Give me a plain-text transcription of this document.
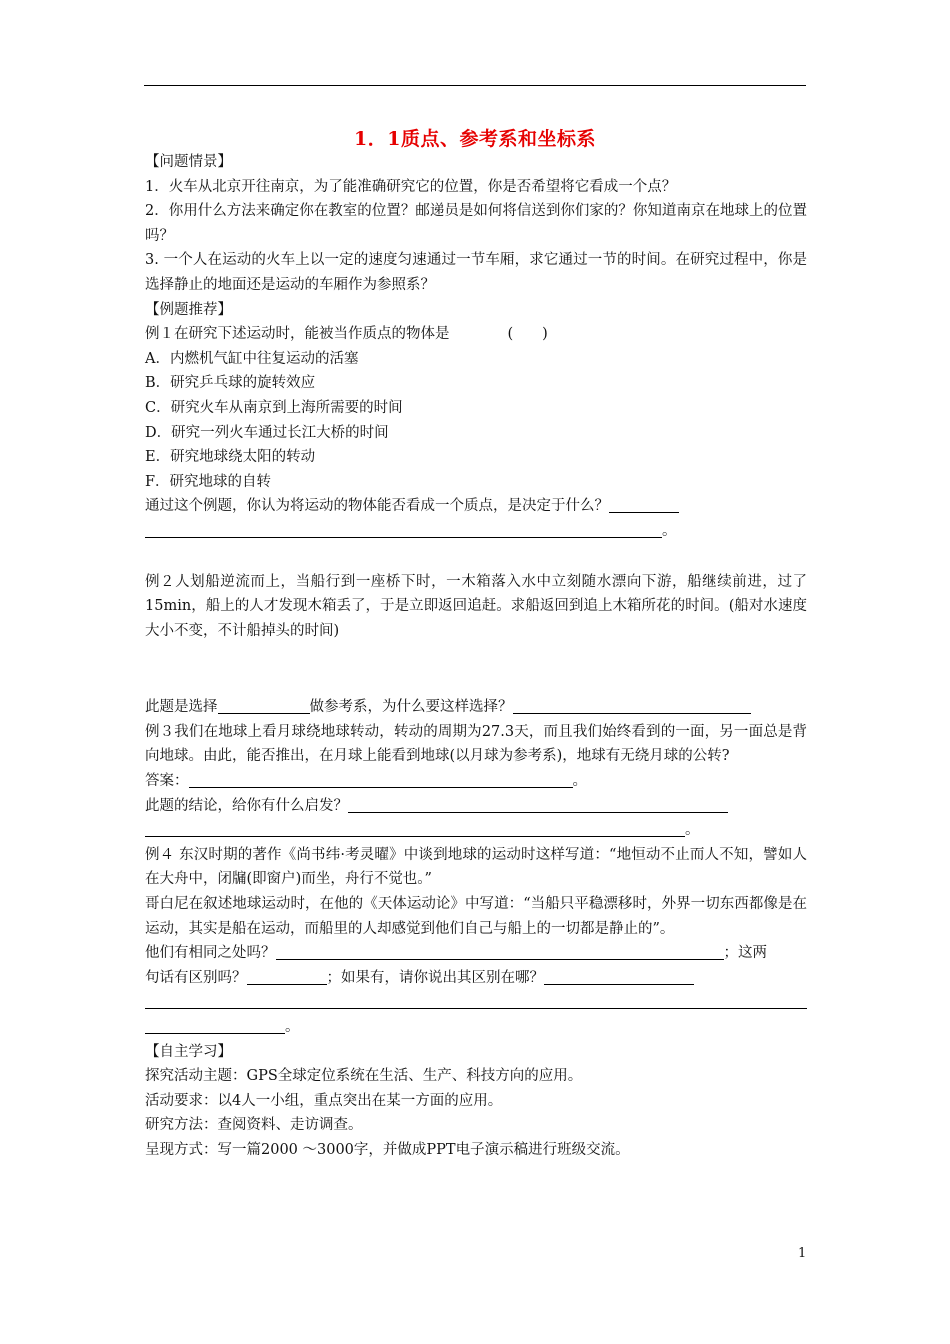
1．1质点、参考系和坐标系

【问题情景】

1．火车从北京开往南京，为了能准确研究它的位置，你是否希望将它看成一个点？

2．你用什么方法来确定你在教室的位置？邮递员是如何将信送到你们家的？你知道南京在地球上的位置吗？

3. 一个人在运动的火车上以一定的速度匀速通过一节车厢，求它通过一节的时间。在研究过程中，你是选择静止的地面还是运动的车厢作为参照系？

【例题推荐】

例１在研究下述运动时，能被当作质点的物体是	(　　)

A．内燃机气缸中往复运动的活塞

B．研究乒乓球的旋转效应

C．研究火车从南京到上海所需要的时间

D．研究一列火车通过长江大桥的时间

E．研究地球绕太阳的转动

F．研究地球的自转

通过这个例题，你认为将运动的物体能否看成一个质点，是决定于什么？

。

例２人划船逆流而上，当船行到一座桥下时，一木箱落入水中立刻随水漂向下游，船继续前进，过了15min，船上的人才发现木箱丢了，于是立即返回追赶。求船返回到追上木箱所花的时间。(船对水速度大小不变，不计船掉头的时间)

此题是选择	做参考系，为什么要这样选择？

例３我们在地球上看月球绕地球转动，转动的周期为27.3天，而且我们始终看到的一面，另一面总是背向地球。由此，能否推出，在月球上能看到地球(以月球为参考系)，地球有无绕月球的公转?

答案：	。

此题的结论，给你有什么启发？

。

例４ 东汉时期的著作《尚书纬·考灵曜》中谈到地球的运动时这样写道：“地恒动不止而人不知，譬如人在大舟中，闭牖(即窗户)而坐，舟行不觉也。”

哥白尼在叙述地球运动时，在他的《天体运动论》中写道：“当船只平稳漂移时，外界一切东西都像是在运动，其实是船在运动，而船里的人却感觉到他们自己与船上的一切都是静止的”。

他们有相同之处吗？	；这两

句话有区别吗？	；如果有，请你说出其区别在哪？

。

【自主学习】

探究活动主题：GPS全球定位系统在生活、生产、科技方向的应用。

活动要求：以4人一小组，重点突出在某一方面的应用。

研究方法：查阅资料、走访调查。

呈现方式：写一篇2000 ～3000字，并做成PPT电子演示稿进行班级交流。

1
